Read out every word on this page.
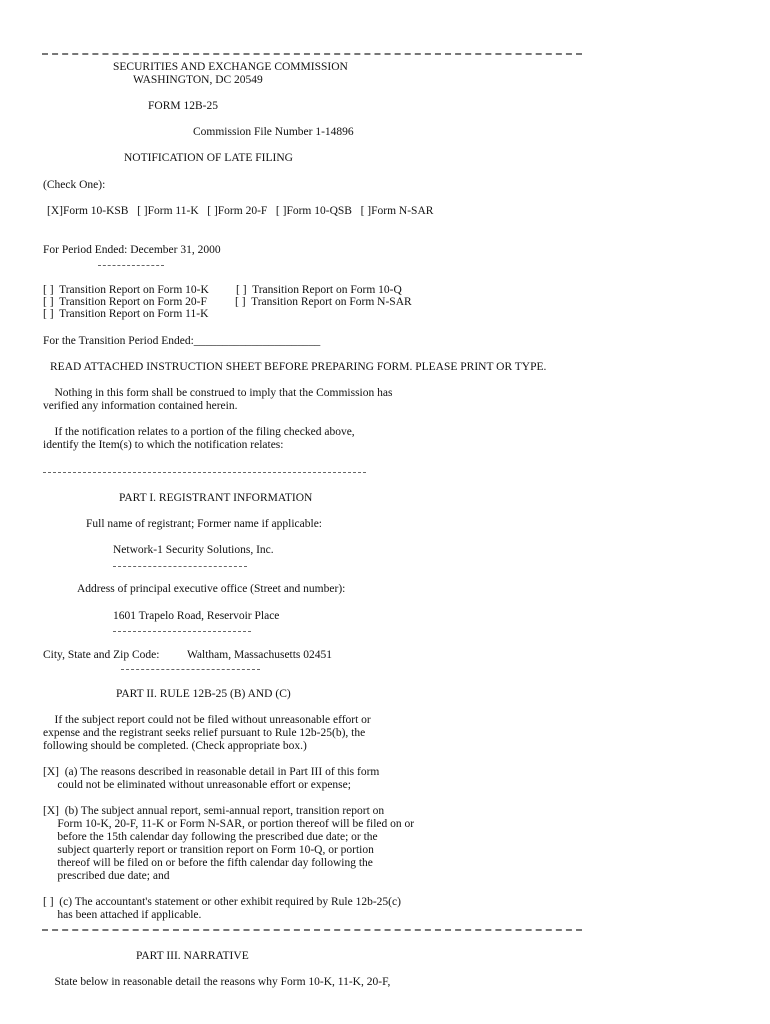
SECURITIES AND EXCHANGE COMMISSION
WASHINGTON, DC 20549
FORM 12B-25
Commission File Number 1-14896
NOTIFICATION OF LATE FILING
(Check One):
[X]Form 10-KSB   [ ]Form 11-K   [ ]Form 20-F   [ ]Form 10-QSB   [ ]Form N-SAR
For Period Ended: December 31, 2000
[ ]  Transition Report on Form 10-K [ ]  Transition Report on Form 10-Q
[ ]  Transition Report on Form 20-F [ ]  Transition Report on Form N-SAR
[ ]  Transition Report on Form 11-K
For the Transition Period Ended:______________________
READ ATTACHED INSTRUCTION SHEET BEFORE PREPARING FORM. PLEASE PRINT OR TYPE.
Nothing in this form shall be construed to imply that the Commission has
verified any information contained herein.
If the notification relates to a portion of the filing checked above,
identify the Item(s) to which the notification relates:
PART I. REGISTRANT INFORMATION
Full name of registrant; Former name if applicable:
Network-1 Security Solutions, Inc.
Address of principal executive office (Street and number):
1601 Trapelo Road, Reservoir Place
City, State and Zip Code: Waltham, Massachusetts 02451
PART II. RULE 12B-25 (B) AND (C)
If the subject report could not be filed without unreasonable effort or
expense and the registrant seeks relief pursuant to Rule 12b-25(b), the
following should be completed. (Check appropriate box.)
[X]  (a) The reasons described in reasonable detail in Part III of this form
could not be eliminated without unreasonable effort or expense;
[X]  (b) The subject annual report, semi-annual report, transition report on
Form 10-K, 20-F, 11-K or Form N-SAR, or portion thereof will be filed on or
before the 15th calendar day following the prescribed due date; or the
subject quarterly report or transition report on Form 10-Q, or portion
thereof will be filed on or before the fifth calendar day following the
prescribed due date; and
[ ]  (c) The accountant's statement or other exhibit required by Rule 12b-25(c)
has been attached if applicable.
PART III. NARRATIVE
State below in reasonable detail the reasons why Form 10-K, 11-K, 20-F,
